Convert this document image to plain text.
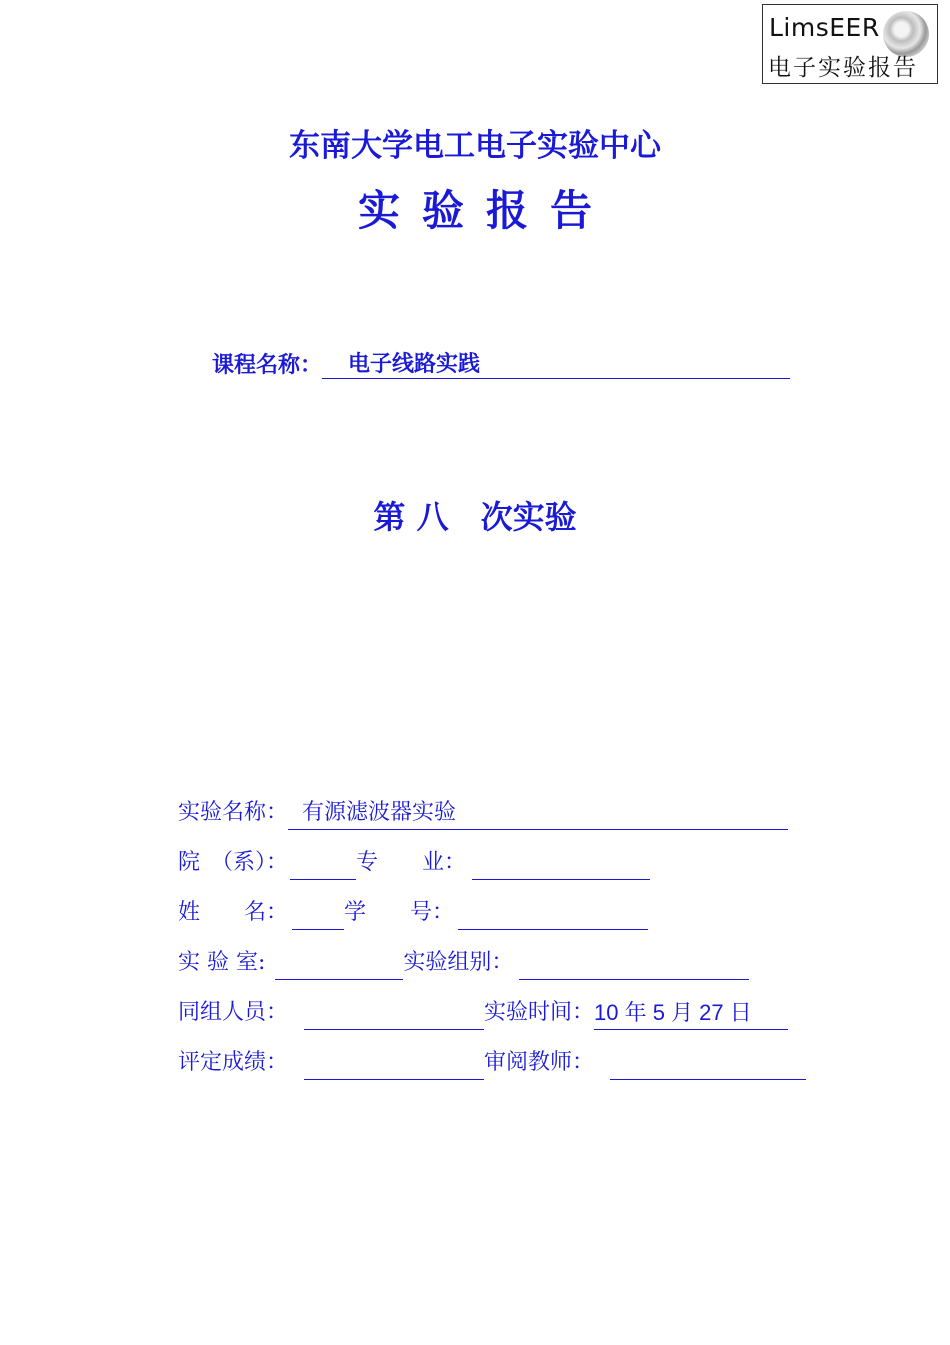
LimsEER
电子实验报告
东南大学电工电子实验中心
实验报告
课程名称： 电子线路实践
第 八　次实验
实验名称： 有源滤波器实验
院　（系）：	专　　业：
姓　　名：	学　　号：
实 验 室:	实验组别：
同组人员：	实验时间：10 年 5 月 27 日
评定成绩：	审阅教师：
